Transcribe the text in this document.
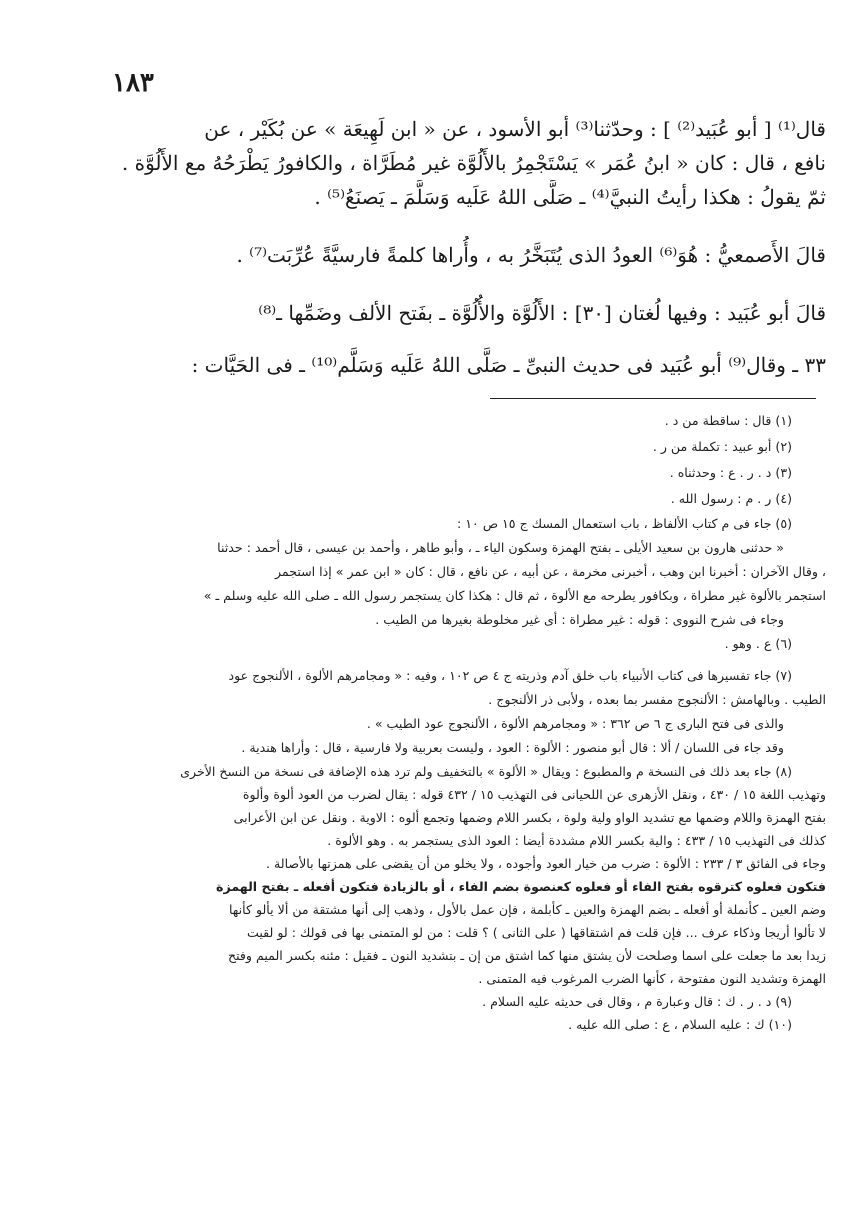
١٨٣
قال⁽¹⁾ [ أبو عُبَيد⁽²⁾ ] : وحدّثنا⁽³⁾ أبو الأسود ، عن « ابن لَهِيعَة » عن بُكَيْر ، عن
نافع ، قال : كان « ابنُ عُمَر » يَسْتَجْمِرُ بالأَلُوَّة غير مُطَرَّاة ، والكافورُ يَطْرَحُهُ مع الأَلُوَّة .
ثمّ يقولُ : هكذا رأيتُ النبيَّ⁽⁴⁾ ـ صَلَّى اللهُ عَلَيه وَسَلَّمَ ـ يَصنَعُ⁽⁵⁾ .
قالَ الأَصمعيُّ : هُوَ⁽⁶⁾ العودُ الذى يُتَبَخَّرُ به ، وأُراها كلمةً فارسيَّةً عُرِّبَت⁽⁷⁾ .
قالَ أبو عُبَيد : وفيها لُغتان [٣٠] : الأَلُوَّة والأُلُوَّة ـ بفَتح الألف وضَمِّها ـ⁽⁸⁾
٣٣ ـ وقال⁽⁹⁾ أبو عُبَيد فى حديث النبىِّ ـ صَلَّى اللهُ عَلَيه وَسَلَّم⁽¹⁰⁾ ـ فى الحَيَّات :
(١) قال : ساقطة من د .
(٢) أبو عبيد : تكملة من ر .
(٣) د . ر . ع : وحدثناه .
(٤) ر . م : رسول الله .
(٥) جاء فى م كتاب الألفاظ ، باب استعمال المسك ج ١٥ ص ١٠ :
« حدثنى هارون بن سعيد الأيلى ـ بفتح الهمزة وسكون الياء ـ ، وأبو طاهر ، وأحمد بن عيسى ، قال أحمد : حدثنا
، وقال الآخران : أخبرنا ابن وهب ، أخبرنى مخرمة ، عن أبيه ، عن نافع ، قال : كان « ابن عمر » إذا استجمر
استجمر بالألوة غير مطراة ، وبكافور يطرحه مع الألوة ، ثم قال : هكذا كان يستجمر رسول الله ـ صلى الله عليه وسلم ـ »
وجاء فى شرح النووى : قوله : غير مطراة : أى غير مخلوطة بغيرها من الطيب .
(٦) ع . وهو .
(٧) جاء تفسيرها فى كتاب الأنبياء باب خلق آدم وذريته ج ٤ ص ١٠٢ ، وفيه : « ومجامرهم الألوة ، الألنجوج عود
الطيب . وبالهامش : الألنجوج مفسر بما بعده ، ولأبى ذر الألنجوج .
والذى فى فتح البارى ج ٦ ص ٣٦٢ : « ومجامرهم الألوة ، الألنجوج عود الطيب » .
وقد جاء فى اللسان / ألا : قال أبو منصور : الألوة : العود ، وليست بعربية ولا فارسية ، قال : وأراها هندية .
(٨) جاء بعد ذلك فى النسخة م والمطبوع : ويقال « الألوة » بالتخفيف ولم ترد هذه الإضافة فى نسخة من النسخ الأخرى
وتهذيب اللغة ١٥ / ٤٣٠ ، ونقل الأزهرى عن اللحيانى فى التهذيب ١٥ / ٤٣٢ قوله : يقال لضرب من العود ألوة وألوة
بفتح الهمزة واللام وضمها مع تشديد الواو ولية ولوة ، بكسر اللام وضمها وتجمع ألوه : الاوية . ونقل عن ابن الأعرابى
كذلك فى التهذيب ١٥ / ٤٣٣ : والية بكسر اللام مشددة أيضا : العود الذى يستجمر به . وهو الألوة .
وجاء فى الفائق ٣ / ٢٣٣ : الألوة : ضرب من خيار العود وأجوده ، ولا يخلو من أن يقضى على همزتها بالأصالة .
فتكون فعلوه كترقوه بفتح الفاء أو فعلوه كعنصوة بضم الفاء ، أو بالزيادة فتكون أفعله ـ بفتح الهمزة
وضم العين ـ كأنملة أو أفعله ـ بضم الهمزة والعين ـ كأبلمة ، فإن عمل بالأول ، وذهب إلى أنها مشتقة من ألا يألو كأنها
لا تألوا أريجا وذكاء عرف ... فإن قلت فم اشتقاقها ( على الثانى ) ؟ قلت : من لو المتمنى بها فى قولك : لو لقيت
زيدا بعد ما جعلت على اسما وصلحت لأن يشتق منها كما اشتق من إن ـ بتشديد النون ـ فقيل : مئنه بكسر الميم وفتح
الهمزة وتشديد النون مفتوحة ، كأنها الضرب المرغوب فيه المتمنى .
(٩) د . ر . ك : قال وعبارة م ، وقال فى حديثه عليه السلام .
(١٠) ك : عليه السلام ، ع : صلى الله عليه .
